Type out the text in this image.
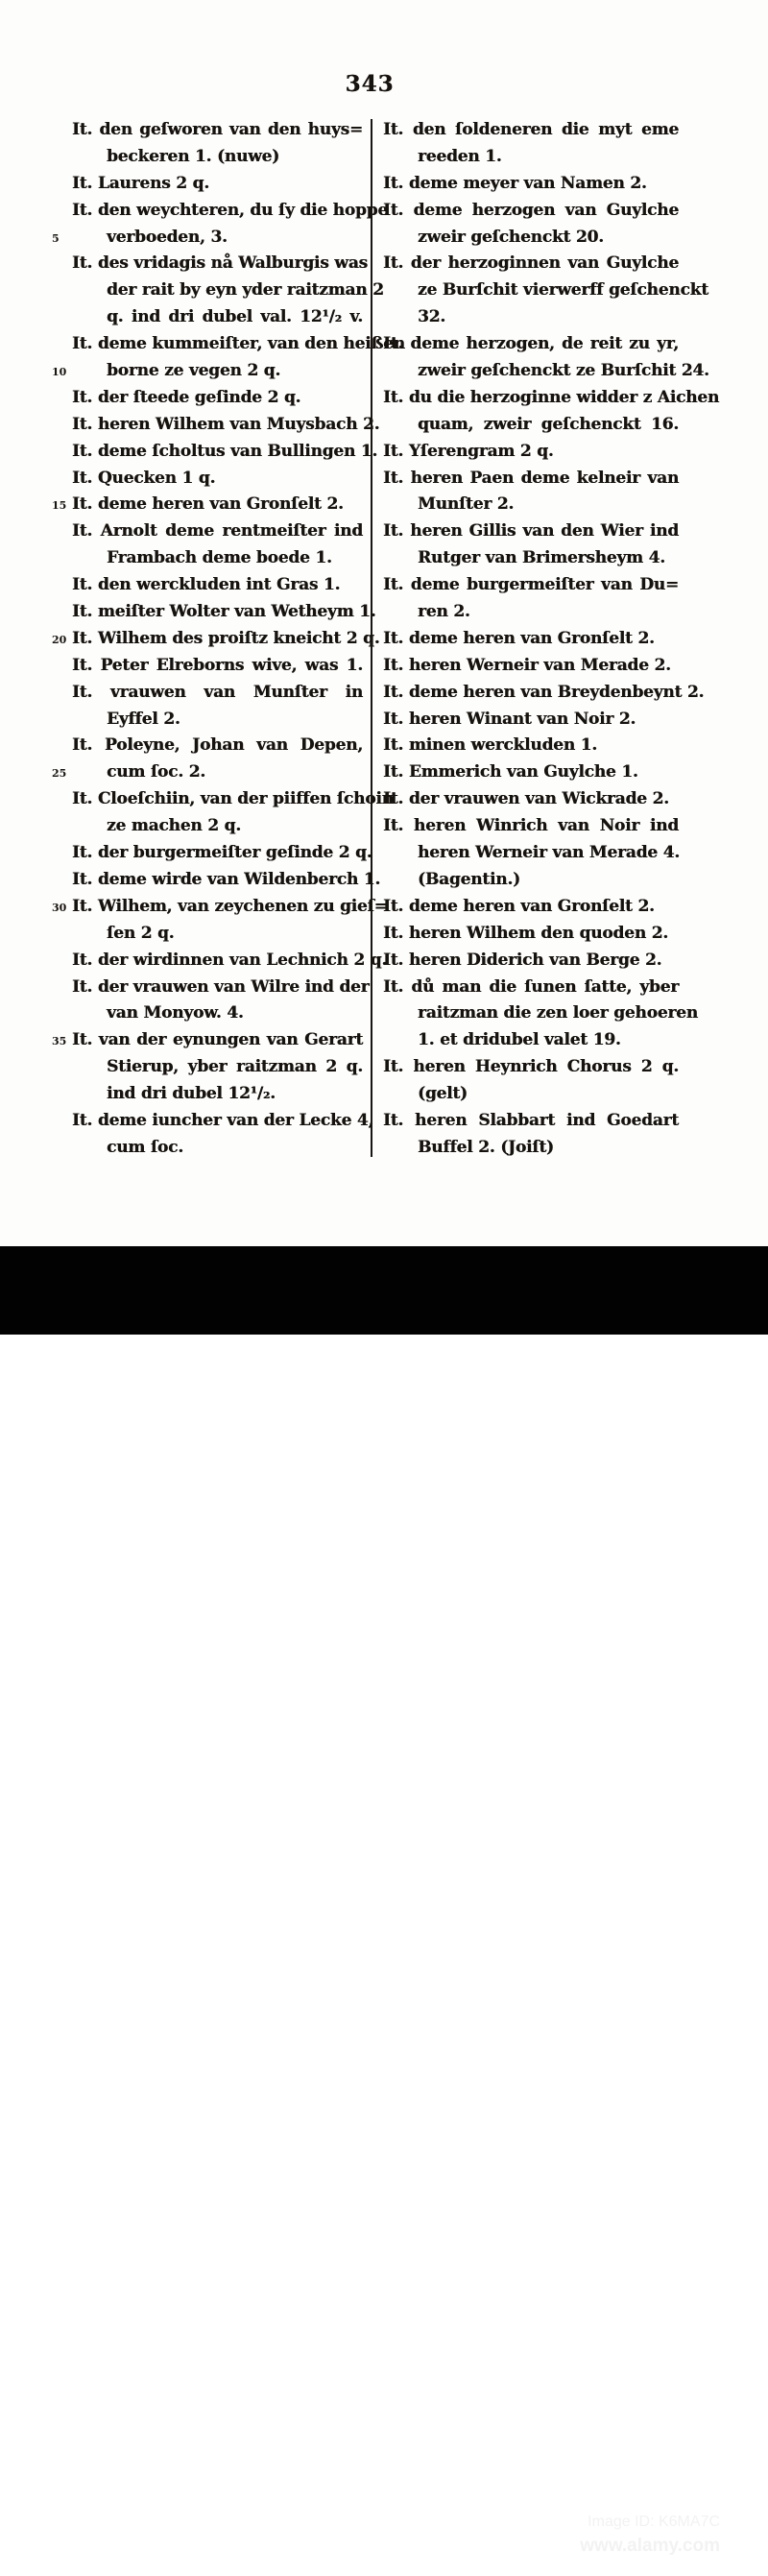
343
It. den geſworen van den huys=
beckeren 1. (nuwe)
It. Laurens 2 q.
It. den weychteren, du ſy die hoppe
5	verboeden, 3.
It. des vridagis nå Walburgis was
der rait by eyn yder raitzman 2
q. ind dri dubel val. 12¹/₂ v.
It. deme kummeiſter, van den heißen
10 borne ze vegen 2 q.
It. der ſteede geſinde 2 q.
It. heren Wilhem van Muysbach 2.
It. deme ſcholtus van Bullingen 1.
It. Quecken 1 q.
15 It. deme heren van Gronſelt 2.
It. Arnolt deme rentmeiſter ind
Frambach deme boede 1.
It. den werckluden int Gras 1.
It. meiſter Wolter van Wetheym 1.
20 It. Wilhem des proiſtz kneicht 2 q.
It. Peter Elreborns wive, was 1.
It. vrauwen van Munſter in
Eyffel 2.
It. Poleyne, Johan van Depen,
25 cum ſoc. 2.
It. Cloeſchiin, van der piiffen ſchoin
ze machen 2 q.
It. der burgermeiſter geſinde 2 q.
It. deme wirde van Wildenberch 1.
30 It. Wilhem, van zeychenen zu gieſ=
ſen 2 q.
It. der wirdinnen van Lechnich 2 q.
It. der vrauwen van Wilre ind der
van Monyow. 4.
35 It. van der eynungen van Gerart
Stierup, yber raitzman 2 q.
ind dri dubel 12¹/₂.
It. deme iuncher van der Lecke 4,
cum ſoc.
It. den ſoldeneren die myt eme
reeden 1.
It. deme meyer van Namen 2.
It. deme herzogen van Guylche
zweir geſchenckt 20.
It. der herzoginnen van Guylche
ze Burſchit vierwerff geſchenckt
32.
It. deme herzogen, de reit zu yr,
zweir geſchenckt ze Burſchit 24.
It. du die herzoginne widder z Aichen
quam, zweir geſchenckt 16.
It. Yſerengram 2 q.
It. heren Paen deme kelneir van
Munſter 2.
It. heren Gillis van den Wier ind
Rutger van Brimersheym 4.
It. deme burgermeiſter van Du=
ren 2.
It. deme heren van Gronſelt 2.
It. heren Werneir van Merade 2.
It. deme heren van Breydenbeynt 2.
It. heren Winant van Noir 2.
It. minen werckluden 1.
It. Emmerich van Guylche 1.
It. der vrauwen van Wickrade 2.
It. heren Winrich van Noir ind
heren Werneir van Merade 4.
(Bagentin.)
It. deme heren van Gronſelt 2.
It. heren Wilhem den quoden 2.
It. heren Diderich van Berge 2.
It. dů man die ſunen ſatte, yber
raitzman die zen loer gehoeren
1. et dridubel valet 19.
It. heren Heynrich Chorus 2 q.
(gelt)
It. heren Slabbart ind Goedart
Buffel 2. (Joiſt)
alamy	Image ID: K6MA7C
www.alamy.com
